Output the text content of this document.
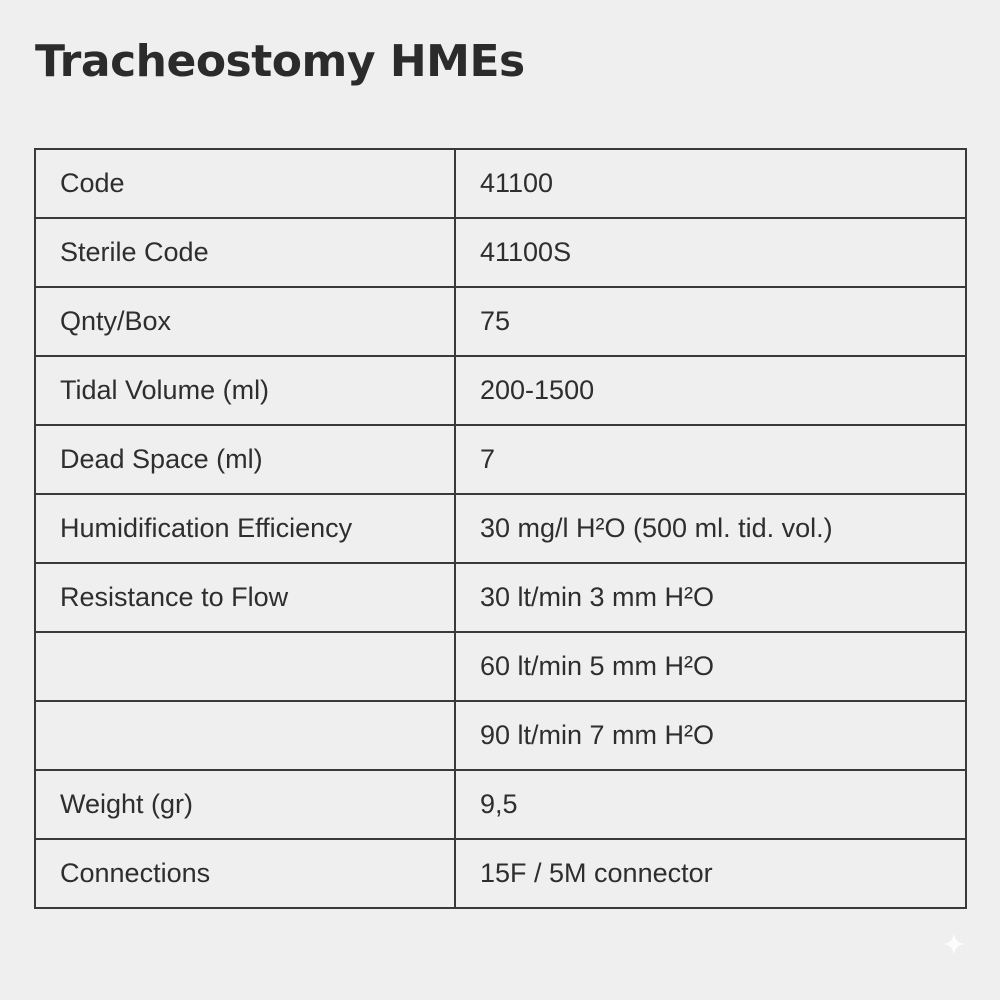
Tracheostomy HMEs
Code	41100
Sterile Code	41100S
Qnty/Box	75
Tidal Volume (ml)	200-1500
Dead Space (ml)	7
Humidification Efficiency	30 mg/l H²O (500 ml. tid. vol.)
Resistance to Flow	30 lt/min 3 mm H²O
	60 lt/min 5 mm H²O
	90 lt/min 7 mm H²O
Weight (gr)	9,5
Connections	15F / 5M connector
